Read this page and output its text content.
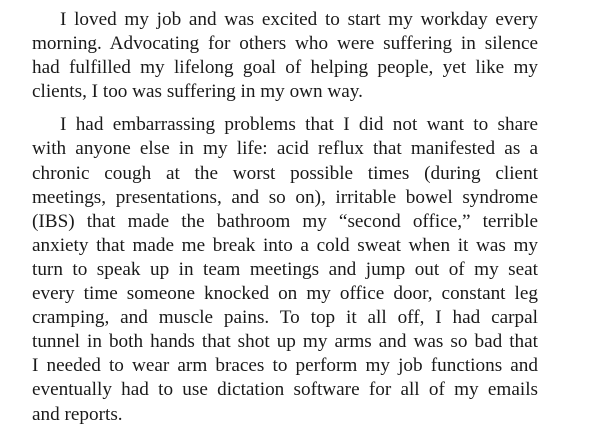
I loved my job and was excited to start my workday every
morning. Advocating for others who were suffering in silence
had fulfilled my lifelong goal of helping people, yet like my
clients, I too was suffering in my own way.

I had embarrassing problems that I did not want to share
with anyone else in my life: acid reflux that manifested as a
chronic cough at the worst possible times (during client
meetings, presentations, and so on), irritable bowel syndrome
(IBS) that made the bathroom my “second office,” terrible
anxiety that made me break into a cold sweat when it was my
turn to speak up in team meetings and jump out of my seat
every time someone knocked on my office door, constant leg
cramping, and muscle pains. To top it all off, I had carpal
tunnel in both hands that shot up my arms and was so bad that
I needed to wear arm braces to perform my job functions and
eventually had to use dictation software for all of my emails
and reports.
